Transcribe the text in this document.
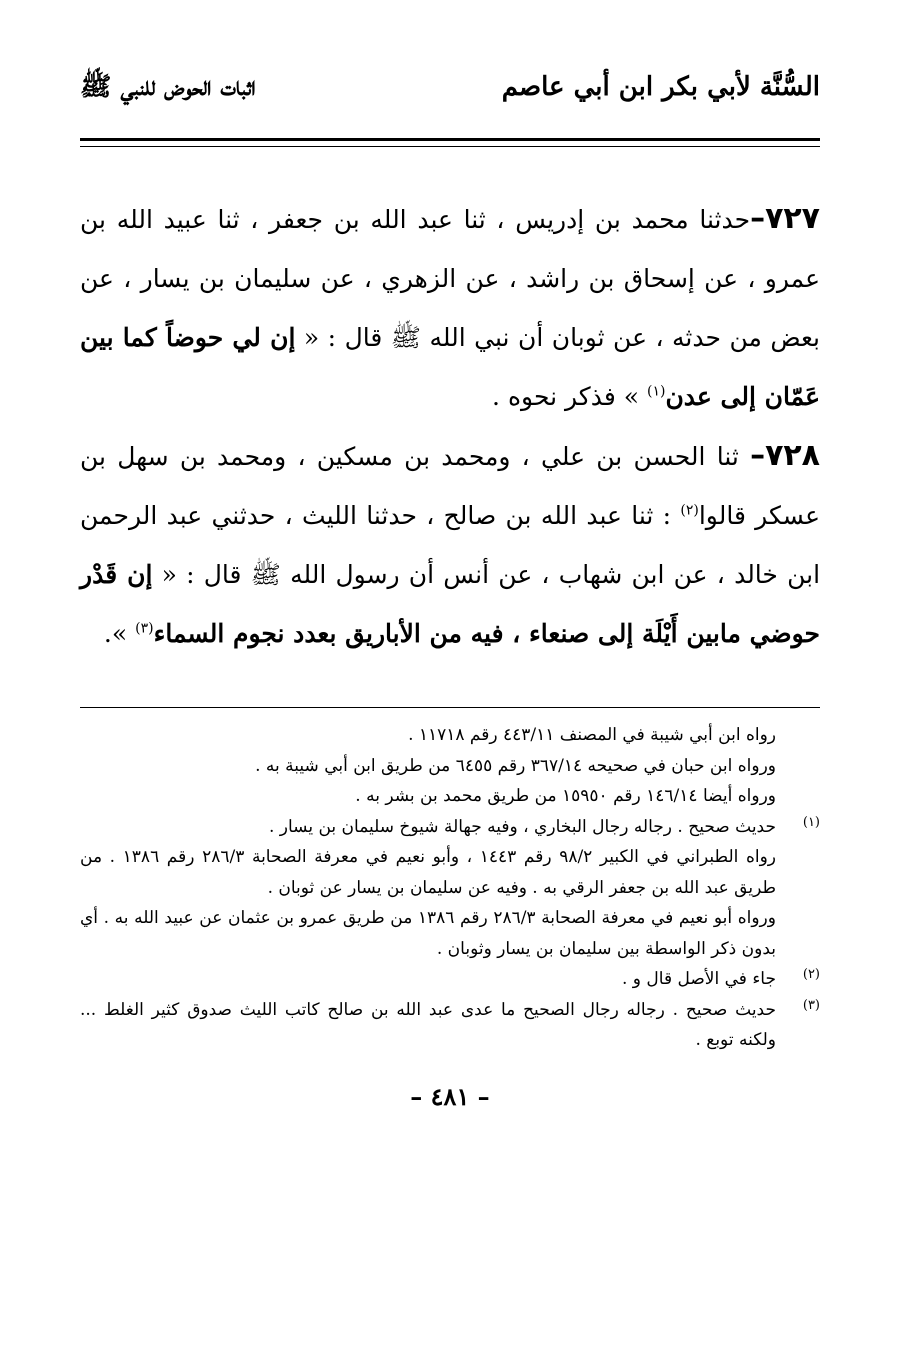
السُّنَّة لأبي بكر ابن أبي عاصم
اثبات الحوض للنبي ﷺ

٧٢٧–حدثنا محمد بن إدريس ، ثنا عبد الله بن جعفر ، ثنا عبيد الله بن عمرو ، عن إسحاق بن راشد ، عن الزهري ، عن سليمان بن يسار ، عن بعض من حدثه ، عن ثوبان أن نبي الله ﷺ قال : « إن لي حوضاً كما بين عَمّان إلى عدن$^{(١)}$ » فذكر نحوه .

٧٢٨– ثنا الحسن بن علي ، ومحمد بن مسكين ، ومحمد بن سهل بن عسكر قالوا$^{(٢)}$ : ثنا عبد الله بن صالح ، حدثنا الليث ، حدثني عبد الرحمن ابن خالد ، عن ابن شهاب ، عن أنس أن رسول الله ﷺ قال : « إن قَدْر حوضي مابين أَيْلَة إلى صنعاء ، فيه من الأباريق بعدد نجوم السماء$^{(٣)}$ ».

رواه ابن أبي شيبة في المصنف ٤٤٣/١١ رقم ١١٧١٨ .

ورواه ابن حبان في صحيحه ٣٦٧/١٤ رقم ٦٤٥٥ من طريق ابن أبي شيبة به .

ورواه أيضا ١٤٦/١٤ رقم ١٥٩٥٠ من طريق محمد بن بشر به .

(١)

حديث صحيح . رجاله رجال البخاري ، وفيه جهالة شيوخ سليمان بن يسار .

رواه الطبراني في الكبير ٩٨/٢ رقم ١٤٤٣ ، وأبو نعيم في معرفة الصحابة ٢٨٦/٣ رقم ١٣٨٦ . من طريق عبد الله بن جعفر الرقي به . وفيه عن سليمان بن يسار عن ثوبان .

ورواه أبو نعيم في معرفة الصحابة ٢٨٦/٣ رقم ١٣٨٦ من طريق عمرو بن عثمان عن عبيد الله به . أي بدون ذكر الواسطة بين سليمان بن يسار وثوبان .

(٢)

جاء في الأصل قال و .

(٣)

حديث صحيح . رجاله رجال الصحيح ما عدى عبد الله بن صالح كاتب الليث صدوق كثير الغلط ... ولكنه توبع .

– ٤٨١ –
